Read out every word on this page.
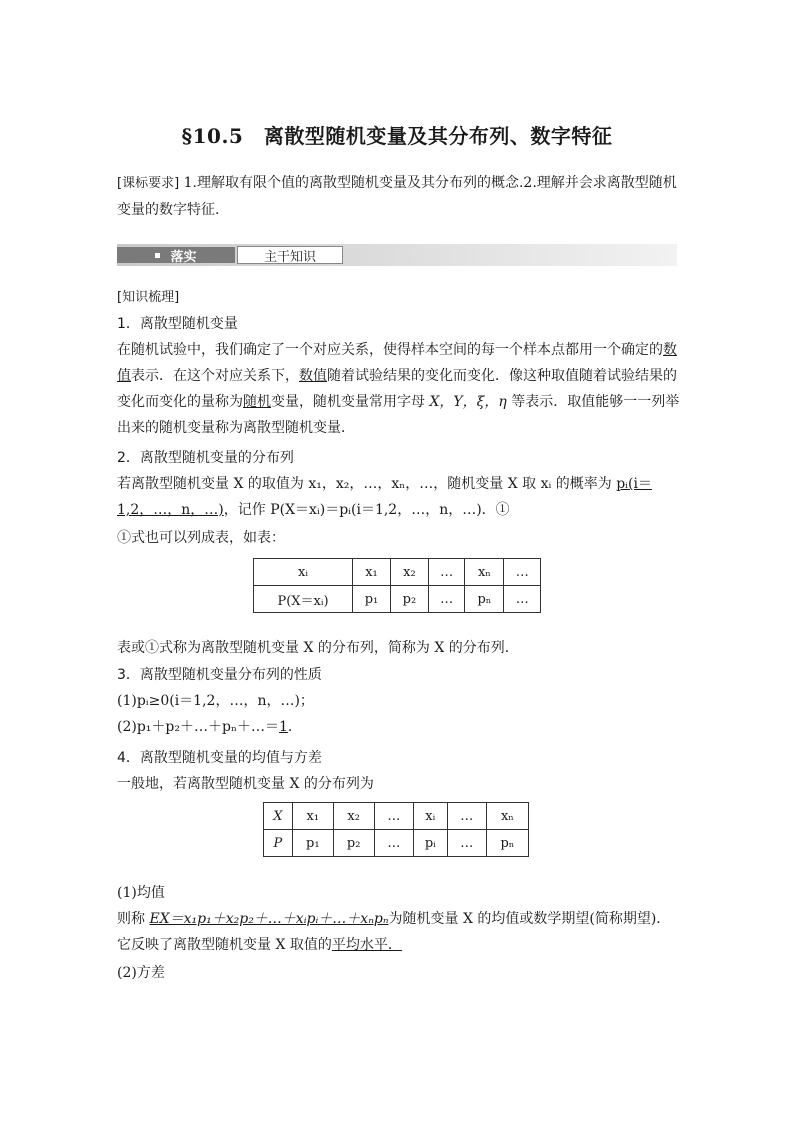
§10.5　离散型随机变量及其分布列、数字特征

[课标要求] 1.理解取有限个值的离散型随机变量及其分布列的概念.2.理解并会求离散型随机变量的数字特征.

落实	主干知识

[知识梳理]

1．离散型随机变量

在随机试验中，我们确定了一个对应关系，使得样本空间的每一个样本点都用一个确定的数值表示．在这个对应关系下，数值随着试验结果的变化而变化．像这种取值随着试验结果的变化而变化的量称为随机变量，随机变量常用字母 X，Y，ξ，η 等表示．取值能够一一列举出来的随机变量称为离散型随机变量．

2．离散型随机变量的分布列

若离散型随机变量 X 的取值为 x₁，x₂，…，xₙ，…，随机变量 X 取 xᵢ 的概率为 pᵢ(i＝1,2，…，n，…)，记作 P(X＝xᵢ)＝pᵢ(i＝1,2，…，n，…)．①

①式也可以列成表，如表：

xᵢ	x₁	x₂	…	xₙ	…
P(X＝xᵢ)	p₁	p₂	…	pₙ	…

表或①式称为离散型随机变量 X 的分布列，简称为 X 的分布列．

3．离散型随机变量分布列的性质

(1)pᵢ≥0(i＝1,2，…，n，…)；

(2)p₁＋p₂＋…＋pₙ＋…＝1.

4．离散型随机变量的均值与方差

一般地，若离散型随机变量 X 的分布列为

X	x₁	x₂	…	xᵢ	…	xₙ
P	p₁	p₂	…	pᵢ	…	pₙ

(1)均值

则称 EX＝x₁p₁＋x₂p₂＋…＋xᵢpᵢ＋…＋xₙpₙ为随机变量 X 的均值或数学期望(简称期望)．它反映了离散型随机变量 X 取值的平均水平．

(2)方差
